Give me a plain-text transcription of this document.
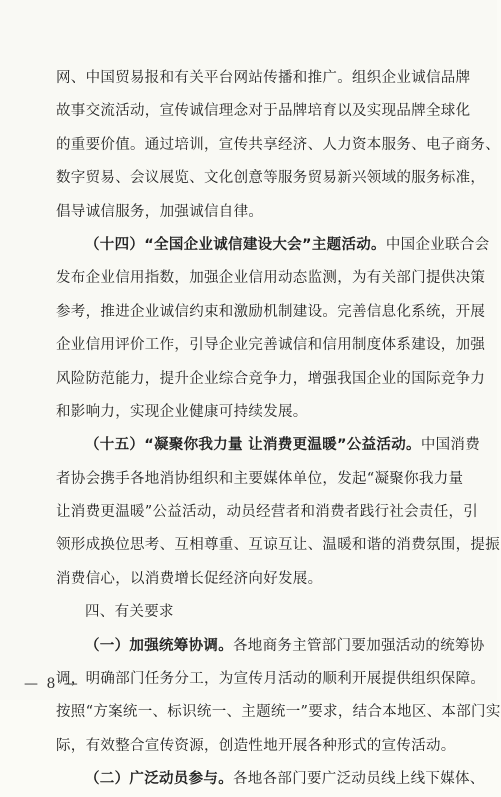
网、中国贸易报和有关平台网站传播和推广。组织企业诚信品牌
故事交流活动，宣传诚信理念对于品牌培育以及实现品牌全球化
的重要价值。通过培训，宣传共享经济、人力资本服务、电子商务、
数字贸易、会议展览、文化创意等服务贸易新兴领域的服务标准，
倡导诚信服务，加强诚信自律。
（十四）“全国企业诚信建设大会”主题活动。中国企业联合会
发布企业信用指数，加强企业信用动态监测，为有关部门提供决策
参考，推进企业诚信约束和激励机制建设。完善信息化系统，开展
企业信用评价工作，引导企业完善诚信和信用制度体系建设，加强
风险防范能力，提升企业综合竞争力，增强我国企业的国际竞争力
和影响力，实现企业健康可持续发展。
（十五）“凝聚你我力量 让消费更温暖”公益活动。中国消费
者协会携手各地消协组织和主要媒体单位，发起“凝聚你我力量
让消费更温暖”公益活动，动员经营者和消费者践行社会责任，引
领形成换位思考、互相尊重、互谅互让、温暖和谐的消费氛围，提振
消费信心，以消费增长促经济向好发展。
四、有关要求
（一）加强统筹协调。各地商务主管部门要加强活动的统筹协
调，明确部门任务分工，为宣传月活动的顺利开展提供组织保障。
按照“方案统一、标识统一、主题统一”要求，结合本地区、本部门实
际，有效整合宣传资源，创造性地开展各种形式的宣传活动。
（二）广泛动员参与。各地各部门要广泛动员线上线下媒体、
— 8 —
